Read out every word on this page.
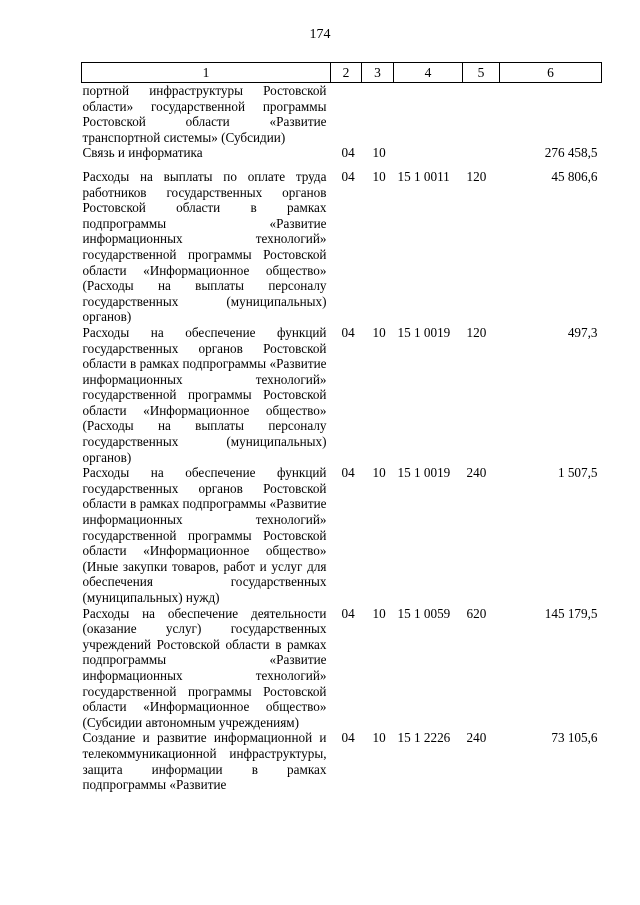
174
1	2	3	4	5	6
портной инфраструктуры Ростовской области» государственной программы Ростовской области «Развитие транспортной системы» (Субсидии)					
Связь и информатика	04	10			276 458,5
Расходы на выплаты по оплате труда работников государственных органов Ростовской области в рамках подпрограммы «Развитие информационных технологий» государственной программы Ростовской области «Информационное общество» (Расходы на выплаты персоналу государственных (муниципальных) органов)	04	10	15 1 0011	120	45 806,6
Расходы на обеспечение функций государственных органов Ростовской области в рамках подпрограммы «Развитие информационных технологий» государственной программы Ростовской области «Информационное общество» (Расходы на выплаты персоналу государственных (муниципальных) органов)	04	10	15 1 0019	120	497,3
Расходы на обеспечение функций государственных органов Ростовской области в рамках подпрограммы «Развитие информационных технологий» государственной программы Ростовской области «Информационное общество» (Иные закупки товаров, работ и услуг для обеспечения государственных (муниципальных) нужд)	04	10	15 1 0019	240	1 507,5
Расходы на обеспечение деятельности (оказание услуг) государственных учреждений Ростовской области в рамках подпрограммы «Развитие информационных технологий» государственной программы Ростовской области «Информационное общество» (Субсидии автономным учреждениям)	04	10	15 1 0059	620	145 179,5
Создание и развитие информационной и телекоммуникационной инфраструктуры, защита информации в рамках подпрограммы «Развитие	04	10	15 1 2226	240	73 105,6
